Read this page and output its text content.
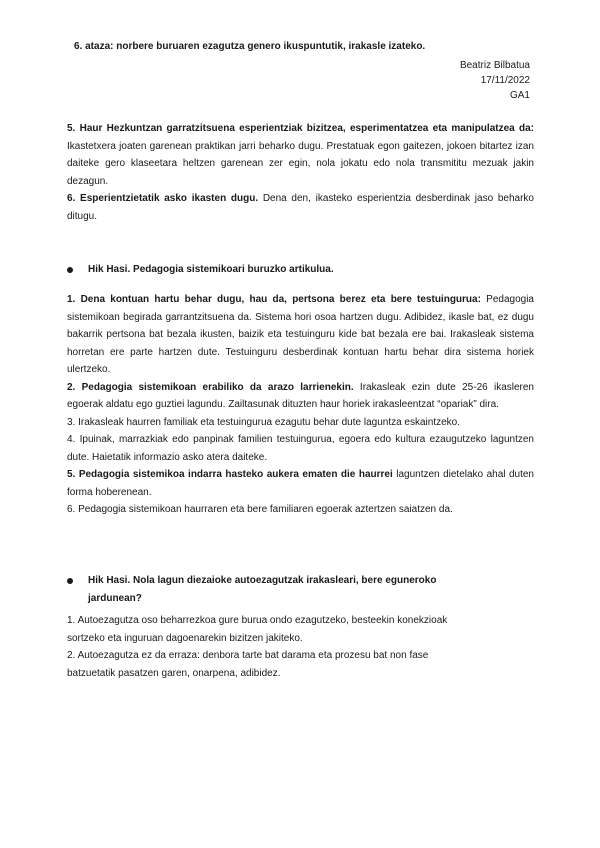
6. ataza: norbere buruaren ezagutza genero ikuspuntutik, irakasle izateko.
Beatriz Bilbatua
17/11/2022
GA1

5. Haur Hezkuntzan garratzitsuena esperientziak bizitzea, esperimentatzea eta manipulatzea da: Ikastetxera joaten garenean praktikan jarri beharko dugu. Prestatuak egon gaitezen, jokoen bitartez izan daiteke gero klaseetara heltzen garenean zer egin, nola jokatu edo nola transmititu mezuak jakin dezagun.

6. Esperientzietatik asko ikasten dugu. Dena den, ikasteko esperientzia desberdinak jaso beharko ditugu.

Hik Hasi. Pedagogia sistemikoari buruzko artikulua.

1. Dena kontuan hartu behar dugu, hau da, pertsona berez eta bere testuingurua: Pedagogia sistemikoan begirada garrantzitsuena da. Sistema hori osoa hartzen dugu. Adibidez, ikasle bat, ez dugu bakarrik pertsona bat bezala ikusten, baizik eta testuinguru kide bat bezala ere bai. Irakasleak sistema horretan ere parte hartzen dute. Testuinguru desberdinak kontuan hartu behar dira sistema horiek ulertzeko.

2. Pedagogia sistemikoan erabiliko da arazo larrienekin. Irakasleak ezin dute 25-26 ikasleren egoerak aldatu ego guztiei lagundu. Zailtasunak dituzten haur horiek irakasleentzat “opariak” dira.

3. Irakasleak haurren familiak eta testuingurua ezagutu behar dute laguntza eskaintzeko.

4. Ipuinak, marrazkiak edo panpinak familien testuingurua, egoera edo kultura ezaugutzeko laguntzen dute. Haietatik informazio asko atera daiteke.

5. Pedagogia sistemikoa indarra hasteko aukera ematen die haurrei laguntzen dietelako ahal duten forma hoberenean.

6. Pedagogia sistemikoan haurraren eta bere familiaren egoerak aztertzen saiatzen da.

Hik Hasi. Nola lagun diezaioke autoezagutzak irakasleari, bere eguneroko jardunean?

1. Autoezagutza oso beharrezkoa gure burua ondo ezagutzeko, besteekin konekzioak sortzeko eta inguruan dagoenarekin bizitzen jakiteko.

2. Autoezagutza ez da erraza: denbora tarte bat darama eta prozesu bat non fase batzuetatik pasatzen garen, onarpena, adibidez.
